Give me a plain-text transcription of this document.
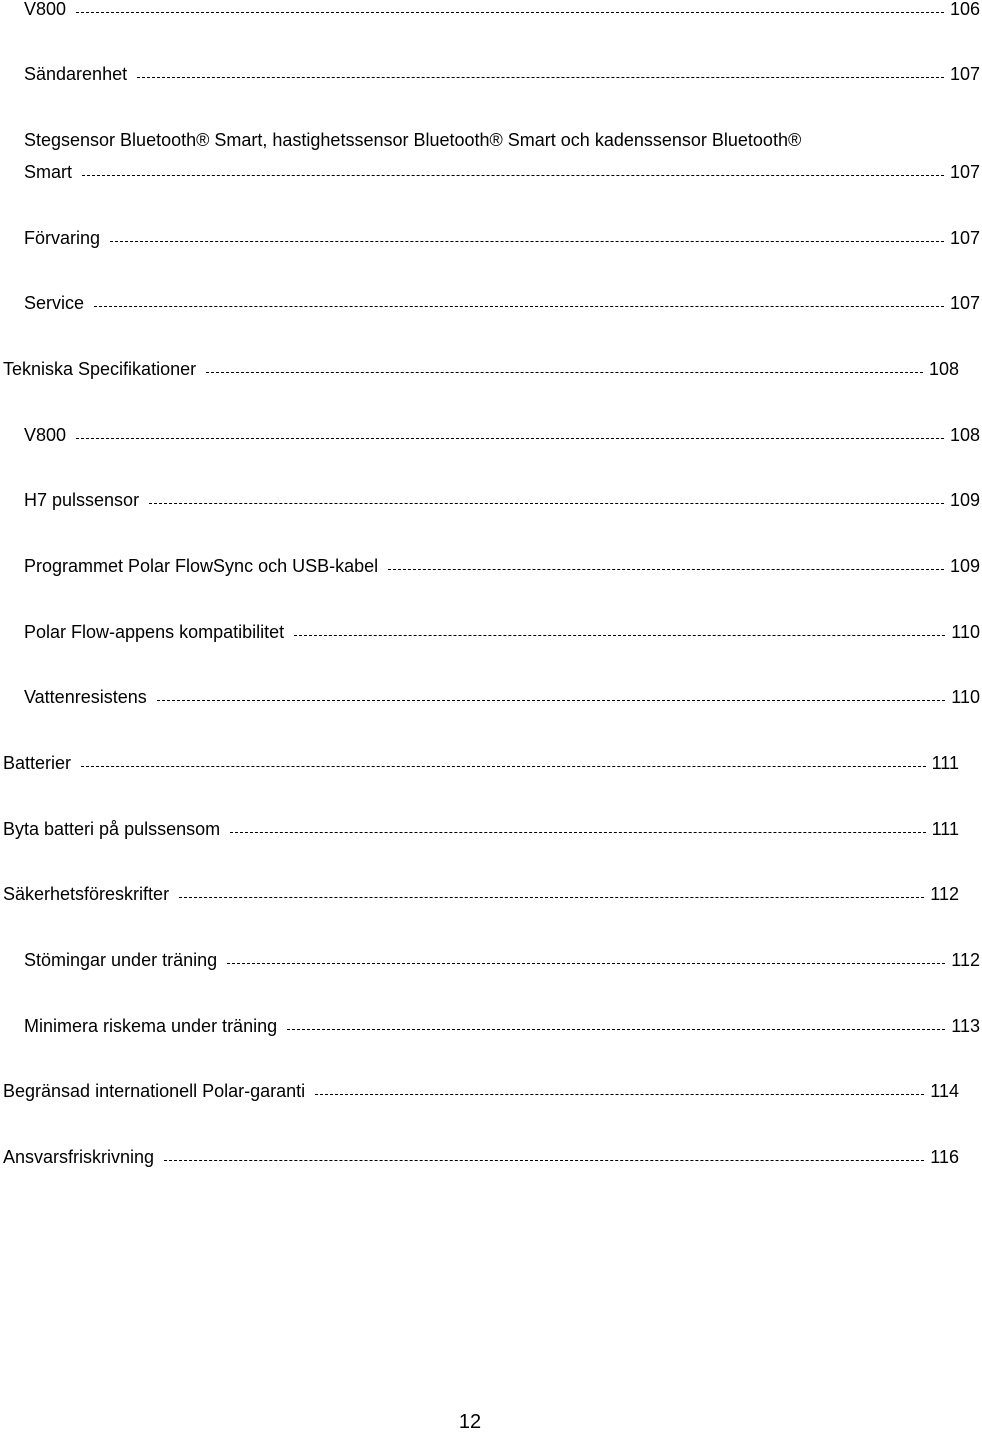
V800	106
Sändarenhet	107
Stegsensor Bluetooth® Smart, hastighetssensor Bluetooth® Smart och kadenssensor Bluetooth®
Smart	107
Förvaring	107
Service	107
Tekniska Specifikationer	108
V800	108
H7 pulssensor	109
Programmet Polar FlowSync och USB-kabel	109
Polar Flow-appens kompatibilitet	110
Vattenresistens	110
Batterier	111
Byta batteri på pulssensom	111
Säkerhetsföreskrifter	112
Stömingar under träning	112
Minimera riskema under träning	113
Begränsad internationell Polar-garanti	114
Ansvarsfriskrivning	116
12
